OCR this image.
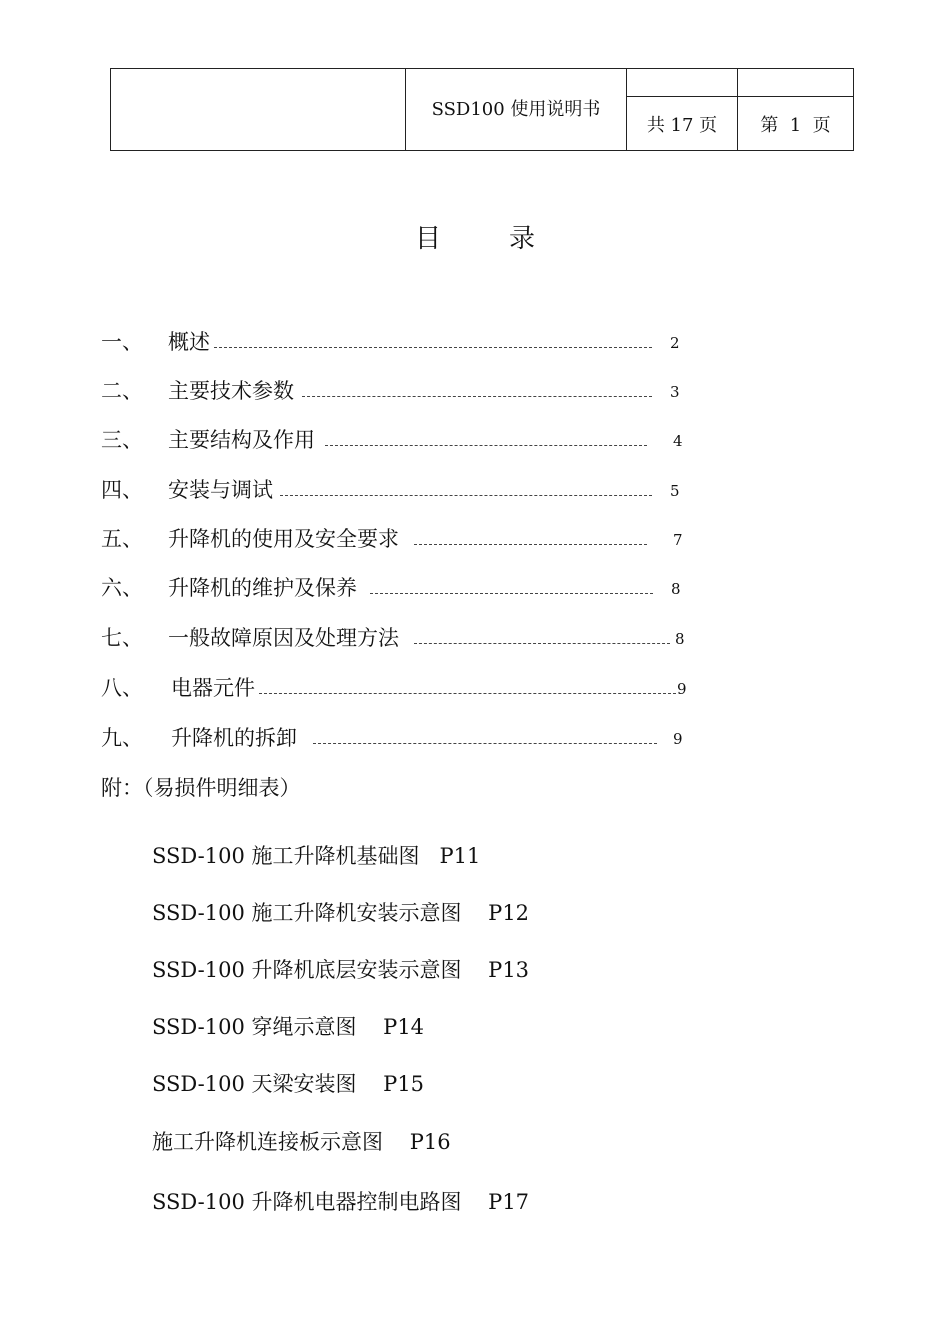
	SSD100 使用说明书		
		共 17 页	第  1  页
目录
一、 概述	2
二、 主要技术参数	3
三、 主要结构及作用	4
四、 安装与调试	5
五、 升降机的使用及安全要求	7
六、 升降机的维护及保养	8
七、 一般故障原因及处理方法	8
八、 电器元件	9
九、 升降机的拆卸	9
附：（易损件明细表）
SSD-100 施工升降机基础图   P11
SSD-100 施工升降机安装示意图    P12
SSD-100 升降机底层安装示意图    P13
SSD-100 穿绳示意图    P14
SSD-100 天梁安装图    P15
施工升降机连接板示意图    P16
SSD-100 升降机电器控制电路图    P17
